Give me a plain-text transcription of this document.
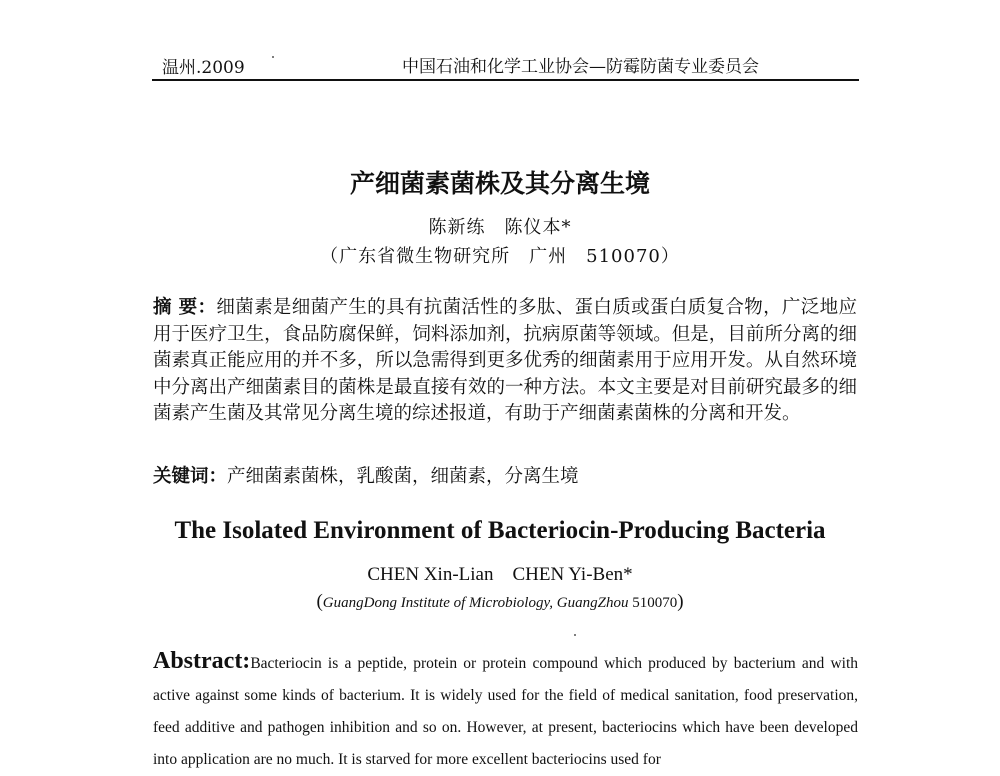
温州.2009	中国石油和化学工业协会—防霉防菌专业委员会
产细菌素菌株及其分离生境
陈新练　陈仪本*
（广东省微生物研究所　广州　510070）
摘 要：细菌素是细菌产生的具有抗菌活性的多肽、蛋白质或蛋白质复合物，广泛地应用于医疗卫生，食品防腐保鲜，饲料添加剂，抗病原菌等领域。但是，目前所分离的细菌素真正能应用的并不多，所以急需得到更多优秀的细菌素用于应用开发。从自然环境中分离出产细菌素目的菌株是最直接有效的一种方法。本文主要是对目前研究最多的细菌素产生菌及其常见分离生境的综述报道，有助于产细菌素菌株的分离和开发。
关键词：产细菌素菌株，乳酸菌，细菌素，分离生境
The Isolated Environment of Bacteriocin-Producing Bacteria
CHEN Xin-Lian　CHEN Yi-Ben*
(GuangDong Institute of Microbiology, GuangZhou 510070)
Abstract:Bacteriocin is a peptide, protein or protein compound which produced by bacterium and with active against some kinds of bacterium. It is widely used for the field of medical sanitation, food preservation, feed additive and pathogen inhibition and so on. However, at present, bacteriocins which have been developed into application are no much. It is starved for more excellent bacteriocins used for
